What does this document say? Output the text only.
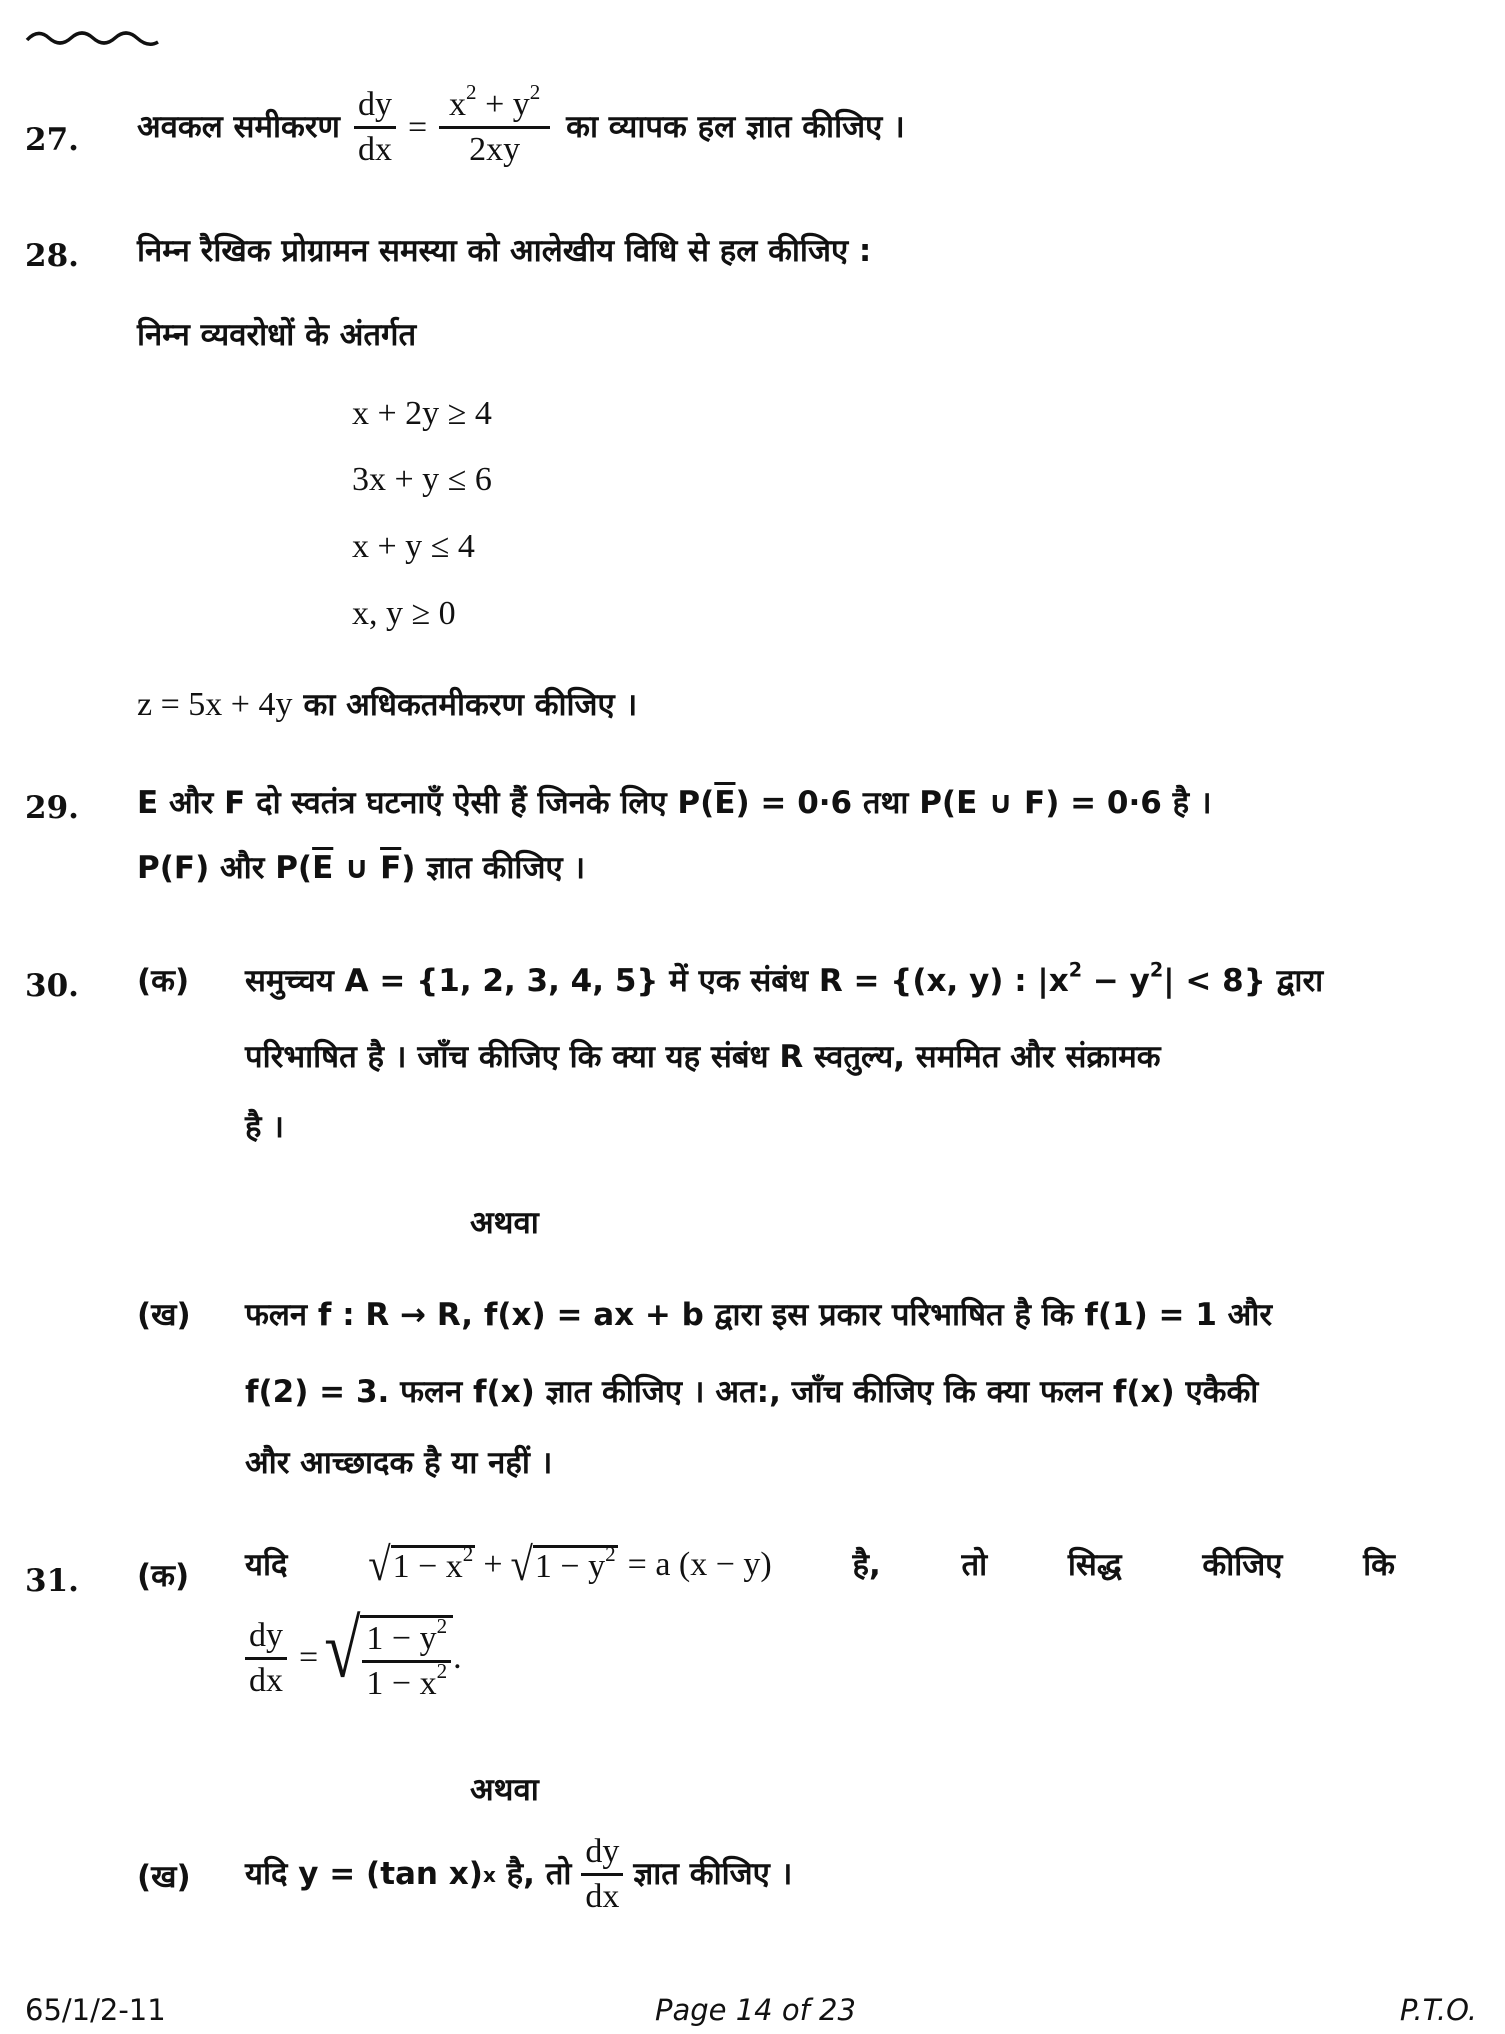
27. अवकल समीकरण $\frac{dy}{dx} = \frac{x^2 + y^2}{2xy}$ का व्यापक हल ज्ञात कीजिए ।
28. निम्न रैखिक प्रोग्रामन समस्या को आलेखीय विधि से हल कीजिए :
निम्न व्यवरोधों के अंतर्गत
x + 2y ≥ 4
3x + y ≤ 6
x + y ≤ 4
x, y ≥ 0
z = 5x + 4y का अधिकतमीकरण कीजिए ।
29. E और F दो स्वतंत्र घटनाएँ ऐसी हैं जिनके लिए $P(\overline{E}) = 0\cdot 6$ तथा P(E ∪ F) = 0·6 है ।
P(F) और $P(\overline{E}$ ∪ $\overline{F}$) ज्ञात कीजिए ।
30. (क) समुच्चय A = {1, 2, 3, 4, 5} में एक संबंध R = {(x, y) : $|x^2 - y^2| < 8$} द्वारा
परिभाषित है । जाँच कीजिए कि क्या यह संबंध R स्वतुल्य, सममित और संक्रामक
है ।
अथवा
(ख) फलन f : R → R, f(x) = ax + b द्वारा इस प्रकार परिभाषित है कि f(1) = 1 और
f(2) = 3. फलन f(x) ज्ञात कीजिए । अत:, जाँच कीजिए कि क्या फलन f(x) एकैकी
और आच्छादक है या नहीं ।
31. (क) यदि √ $1 - x^2$ + √ $1 - y^2 = a$ (x − y)	है,	तो	सिद्ध	कीजिए	कि
$\frac{dy}{dx}$ = √ $\frac{1 - y^2}{1 - x^2}$ .
अथवा
(ख) यदि y = (tan x) x है, तो $\frac{dy}{dx}$ ज्ञात कीजिए ।
65/1/2-11	Page 14 of 23	P.T.O.
